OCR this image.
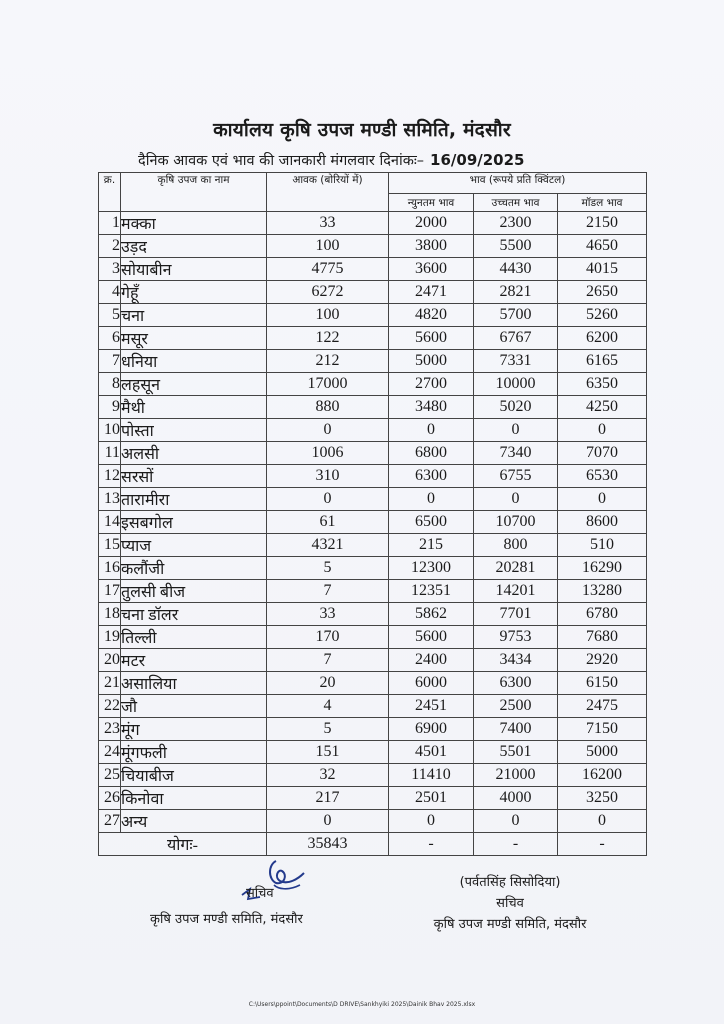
कार्यालय कृषि उपज मण्डी समिति, मंदसौर
दैनिक आवक एवं भाव की जानकारी मंगलवार दिनांकः– 16/09/2025
क्र.	कृषि उपज का नाम	आवक (बोरियों में)	भाव (रूपये प्रति क्विंटल)		
			न्युनतम भाव	उच्चतम भाव	मॉडल भाव
1	मक्का	33	2000	2300	2150
2	उड़द	100	3800	5500	4650
3	सोयाबीन	4775	3600	4430	4015
4	गेहूँ	6272	2471	2821	2650
5	चना	100	4820	5700	5260
6	मसूर	122	5600	6767	6200
7	धनिया	212	5000	7331	6165
8	लहसून	17000	2700	10000	6350
9	मैथी	880	3480	5020	4250
10	पोस्ता	0	0	0	0
11	अलसी	1006	6800	7340	7070
12	सरसों	310	6300	6755	6530
13	तारामीरा	0	0	0	0
14	इसबगोल	61	6500	10700	8600
15	प्याज	4321	215	800	510
16	कलौंजी	5	12300	20281	16290
17	तुलसी बीज	7	12351	14201	13280
18	चना डॉलर	33	5862	7701	6780
19	तिल्ली	170	5600	9753	7680
20	मटर	7	2400	3434	2920
21	असालिया	20	6000	6300	6150
22	जौ	4	2451	2500	2475
23	मूंग	5	6900	7400	7150
24	मूंगफली	151	4501	5501	5000
25	चियाबीज	32	11410	21000	16200
26	किनोवा	217	2501	4000	3250
27	अन्य	0	0	0	0
योगः-		35843	-	-	-
सचिव
कृषि उपज मण्डी समिति, मंदसौर
(पर्वतसिंह सिसोदिया)
सचिव
कृषि उपज मण्डी समिति, मंदसौर
C:\Users\ppoint\Documents\D DRIVE\Sankhyiki 2025\Dainik Bhav 2025.xlsx
